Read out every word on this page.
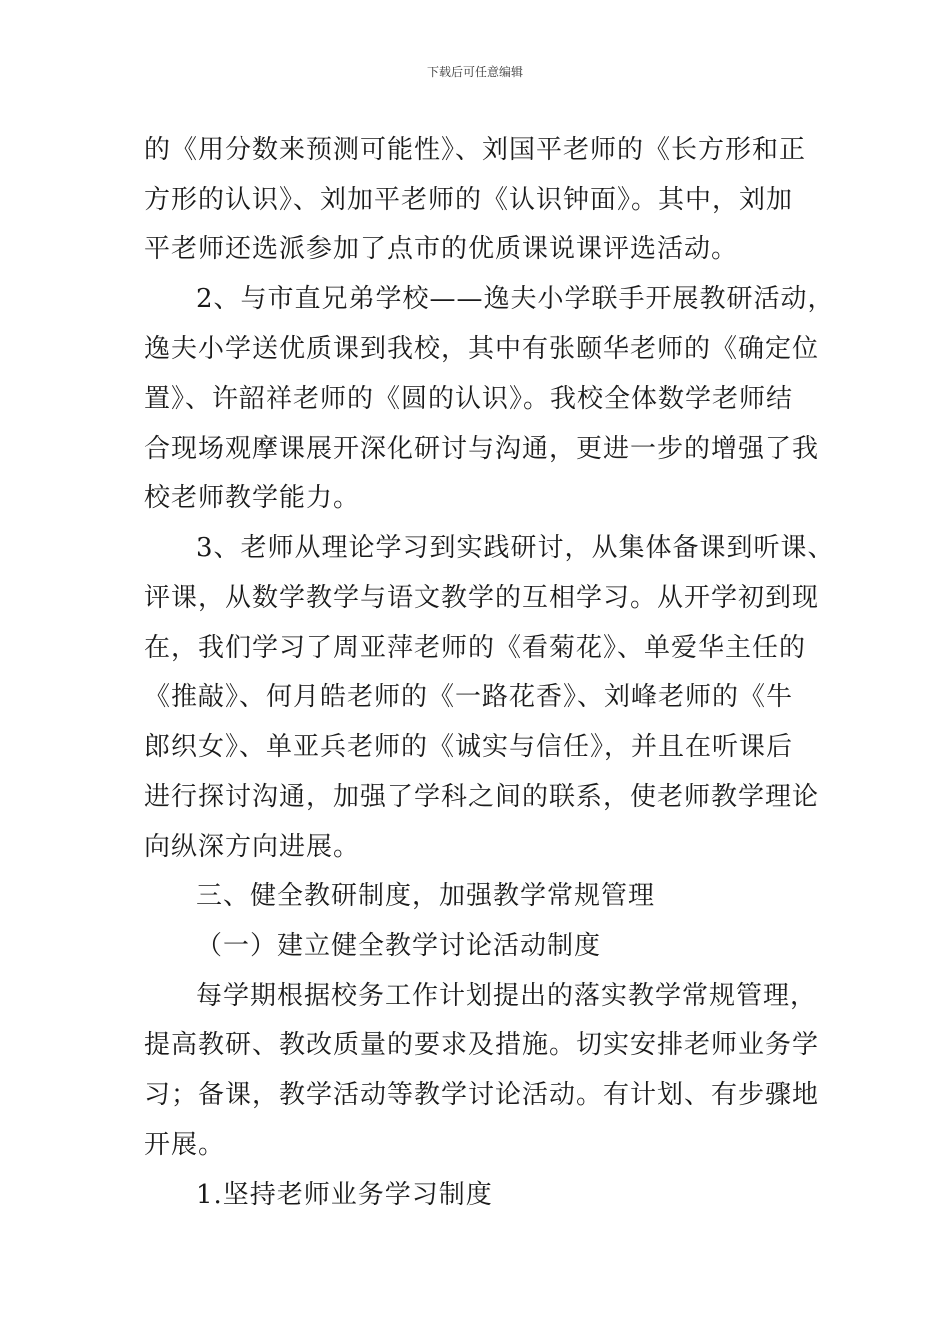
下载后可任意编辑
的《用分数来预测可能性》、刘国平老师的《长方形和正
方形的认识》、刘加平老师的《认识钟面》。其中，刘加
平老师还选派参加了点市的优质课说课评选活动。
2、与市直兄弟学校——逸夫小学联手开展教研活动，
逸夫小学送优质课到我校，其中有张颐华老师的《确定位
置》、许韶祥老师的《圆的认识》。我校全体数学老师结
合现场观摩课展开深化研讨与沟通，更进一步的增强了我
校老师教学能力。
3、老师从理论学习到实践研讨，从集体备课到听课、
评课，从数学教学与语文教学的互相学习。从开学初到现
在，我们学习了周亚萍老师的《看菊花》、单爱华主任的
《推敲》、何月皓老师的《一路花香》、刘峰老师的《牛
郎织女》、单亚兵老师的《诚实与信任》，并且在听课后
进行探讨沟通，加强了学科之间的联系，使老师教学理论
向纵深方向进展。
三、健全教研制度，加强教学常规管理
（一）建立健全教学讨论活动制度
每学期根据校务工作计划提出的落实教学常规管理，
提高教研、教改质量的要求及措施。切实安排老师业务学
习；备课，教学活动等教学讨论活动。有计划、有步骤地
开展。
1.坚持老师业务学习制度
